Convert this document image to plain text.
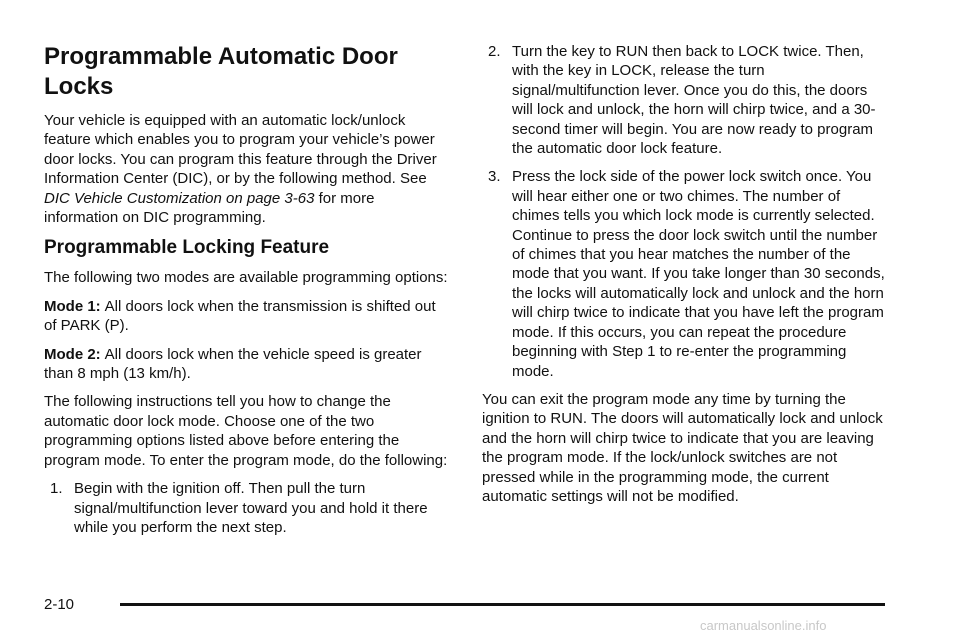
Programmable Automatic Door Locks

Your vehicle is equipped with an automatic lock/unlock feature which enables you to program your vehicle’s power door locks. You can program this feature through the Driver Information Center (DIC), or by the following method. See DIC Vehicle Customization on page 3-63 for more information on DIC programming.

Programmable Locking Feature

The following two modes are available programming options:

Mode 1: All doors lock when the transmission is shifted out of PARK (P).

Mode 2: All doors lock when the vehicle speed is greater than 8 mph (13 km/h).

The following instructions tell you how to change the automatic door lock mode. Choose one of the two programming options listed above before entering the program mode. To enter the program mode, do the following:

1. Begin with the ignition off. Then pull the turn signal/multifunction lever toward you and hold it there while you perform the next step.
2. Turn the key to RUN then back to LOCK twice. Then, with the key in LOCK, release the turn signal/multifunction lever. Once you do this, the doors will lock and unlock, the horn will chirp twice, and a 30-second timer will begin. You are now ready to program the automatic door lock feature.
3. Press the lock side of the power lock switch once. You will hear either one or two chimes. The number of chimes tells you which lock mode is currently selected. Continue to press the door lock switch until the number of chimes that you hear matches the number of the mode that you want. If you take longer than 30 seconds, the locks will automatically lock and unlock and the horn will chirp twice to indicate that you have left the program mode. If this occurs, you can repeat the procedure beginning with Step 1 to re-enter the programming mode.

You can exit the program mode any time by turning the ignition to RUN. The doors will automatically lock and unlock and the horn will chirp twice to indicate that you are leaving the program mode. If the lock/unlock switches are not pressed while in the programming mode, the current automatic settings will not be modified.

2-10
carmanualsonline.info
